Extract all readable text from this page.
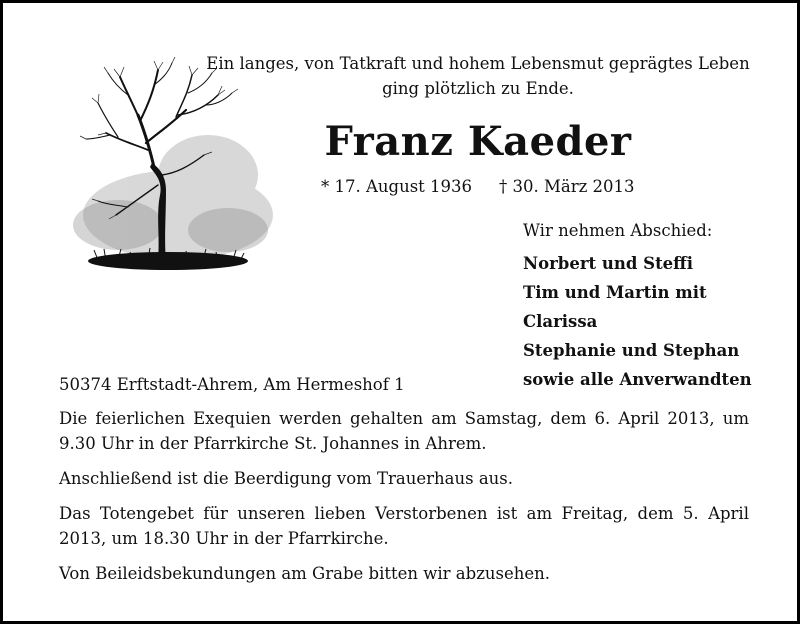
Ein langes, von Tatkraft und hohem Lebensmut geprägtes Leben
ging plötzlich zu Ende.
Franz Kaeder
* 17. August 1936 † 30. März 2013
Wir nehmen Abschied:
Norbert und Steffi
Tim und Martin mit Clarissa
Stephanie und Stephan
sowie alle Anverwandten

50374 Erftstadt-Ahrem, Am Hermeshof 1

Die feierlichen Exequien werden gehalten am Samstag, dem 6. April 2013, um 9.30 Uhr in der Pfarrkirche St. Johannes in Ahrem.

Anschließend ist die Beerdigung vom Trauerhaus aus.

Das Totengebet für unseren lieben Verstorbenen ist am Freitag, dem 5. April 2013, um 18.30 Uhr in der Pfarrkirche.

Von Beileidsbekundungen am Grabe bitten wir abzusehen.
